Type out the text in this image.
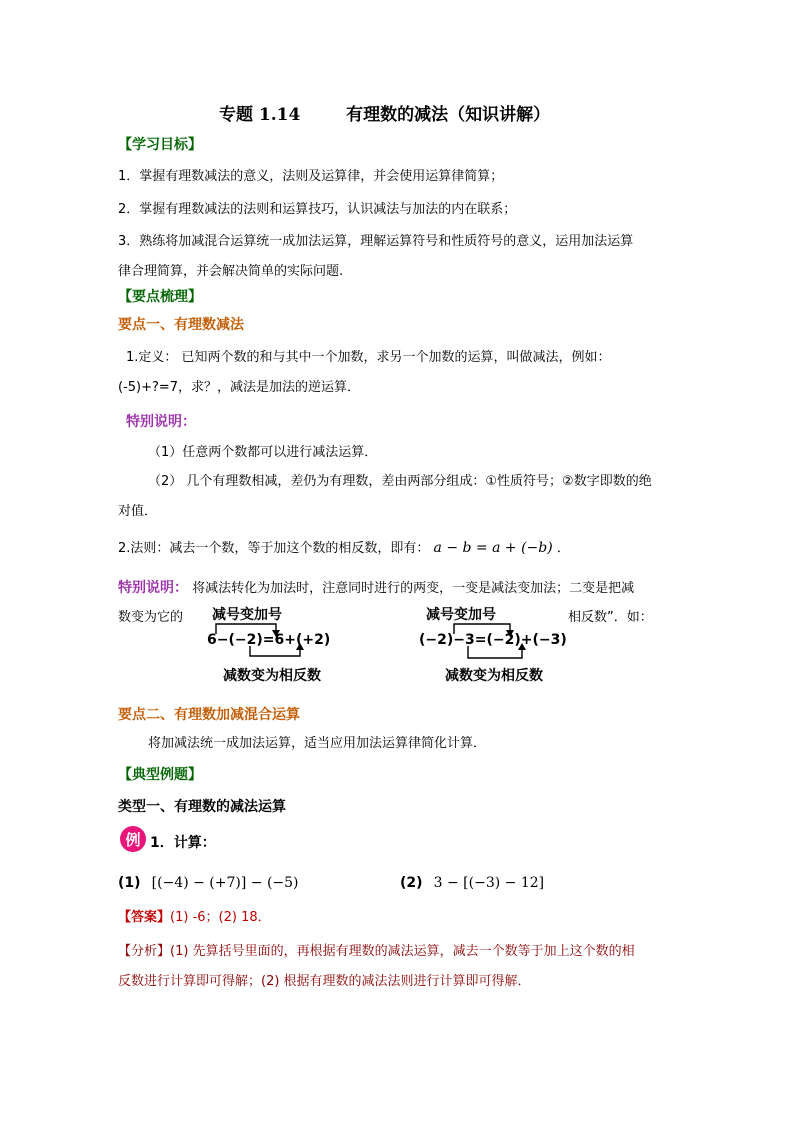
专题 1.14	有理数的减法（知识讲解）
【学习目标】
1．掌握有理数减法的意义，法则及运算律，并会使用运算律简算；
2．掌握有理数减法的法则和运算技巧，认识减法与加法的内在联系；
3．熟练将加减混合运算统一成加法运算，理解运算符号和性质符号的意义，运用加法运算
律合理简算，并会解决简单的实际问题.
【要点梳理】
要点一、有理数减法
1.定义： 已知两个数的和与其中一个加数，求另一个加数的运算，叫做减法，例如：
(-5)+?=7，求？，减法是加法的逆运算．
特别说明：
（1）任意两个数都可以进行减法运算．
（2） 几个有理数相减，差仍为有理数，差由两部分组成：①性质符号；②数字即数的绝
对值．
2.法则：减去一个数，等于加这个数的相反数，即有： a − b = a + (−b) ．
特别说明： 将减法转化为加法时，注意同时进行的两变，一变是减法变加法；二变是把减
数变为它的	相反数”．如：
减号变加号
6−(−2)=6+(+2)
减数变为相反数
减号变加号
(−2)−3=(−2)+(−3)
减数变为相反数
要点二、有理数加减混合运算
将加减法统一成加法运算，适当应用加法运算律简化计算．
【典型例题】
类型一、有理数的减法运算
例 1．计算：
(1) [(−4) − (+7)] − (−5)	(2) 3 − [(−3) − 12]
【答案】(1) -6；(2) 18．
【分析】(1) 先算括号里面的，再根据有理数的减法运算，减去一个数等于加上这个数的相
反数进行计算即可得解；(2) 根据有理数的减法法则进行计算即可得解．
